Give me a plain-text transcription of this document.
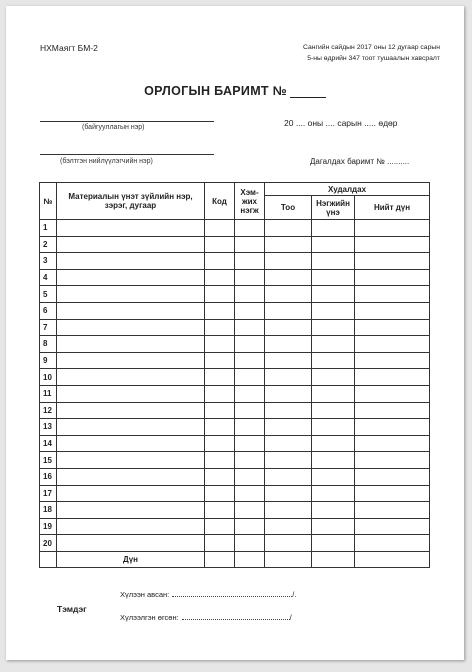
НХМаягт БМ-2	Сангийн сайдын 2017 оны 12 дугаар сарын
5-ны өдрийн 347 тоот тушаалын хавсралт
ОРЛОГЫН БАРИМТ №
(байгууллагын нэр)	20 .... оны .... сарын ..... өдөр
(бэлтгэн нийлүүлэгчийн нэр)	Дагалдах баримт № ..........
№	Материалын үнэт зүйлийн нэр, зэрэг, дугаар	Код	Хэм-жих нэгж	Худалдах		
				Тоо	Нэгжийн үнэ	Нийт дүн
1						
2						
3						
4						
5						
6						
7						
8						
9						
10						
11						
12						
13						
14						
15						
16						
17						
18						
19						
20						
	Дүн					
Хүлээн авсан:	/.
Тэмдэг
Хүлээлгэн өгсөн:	/
